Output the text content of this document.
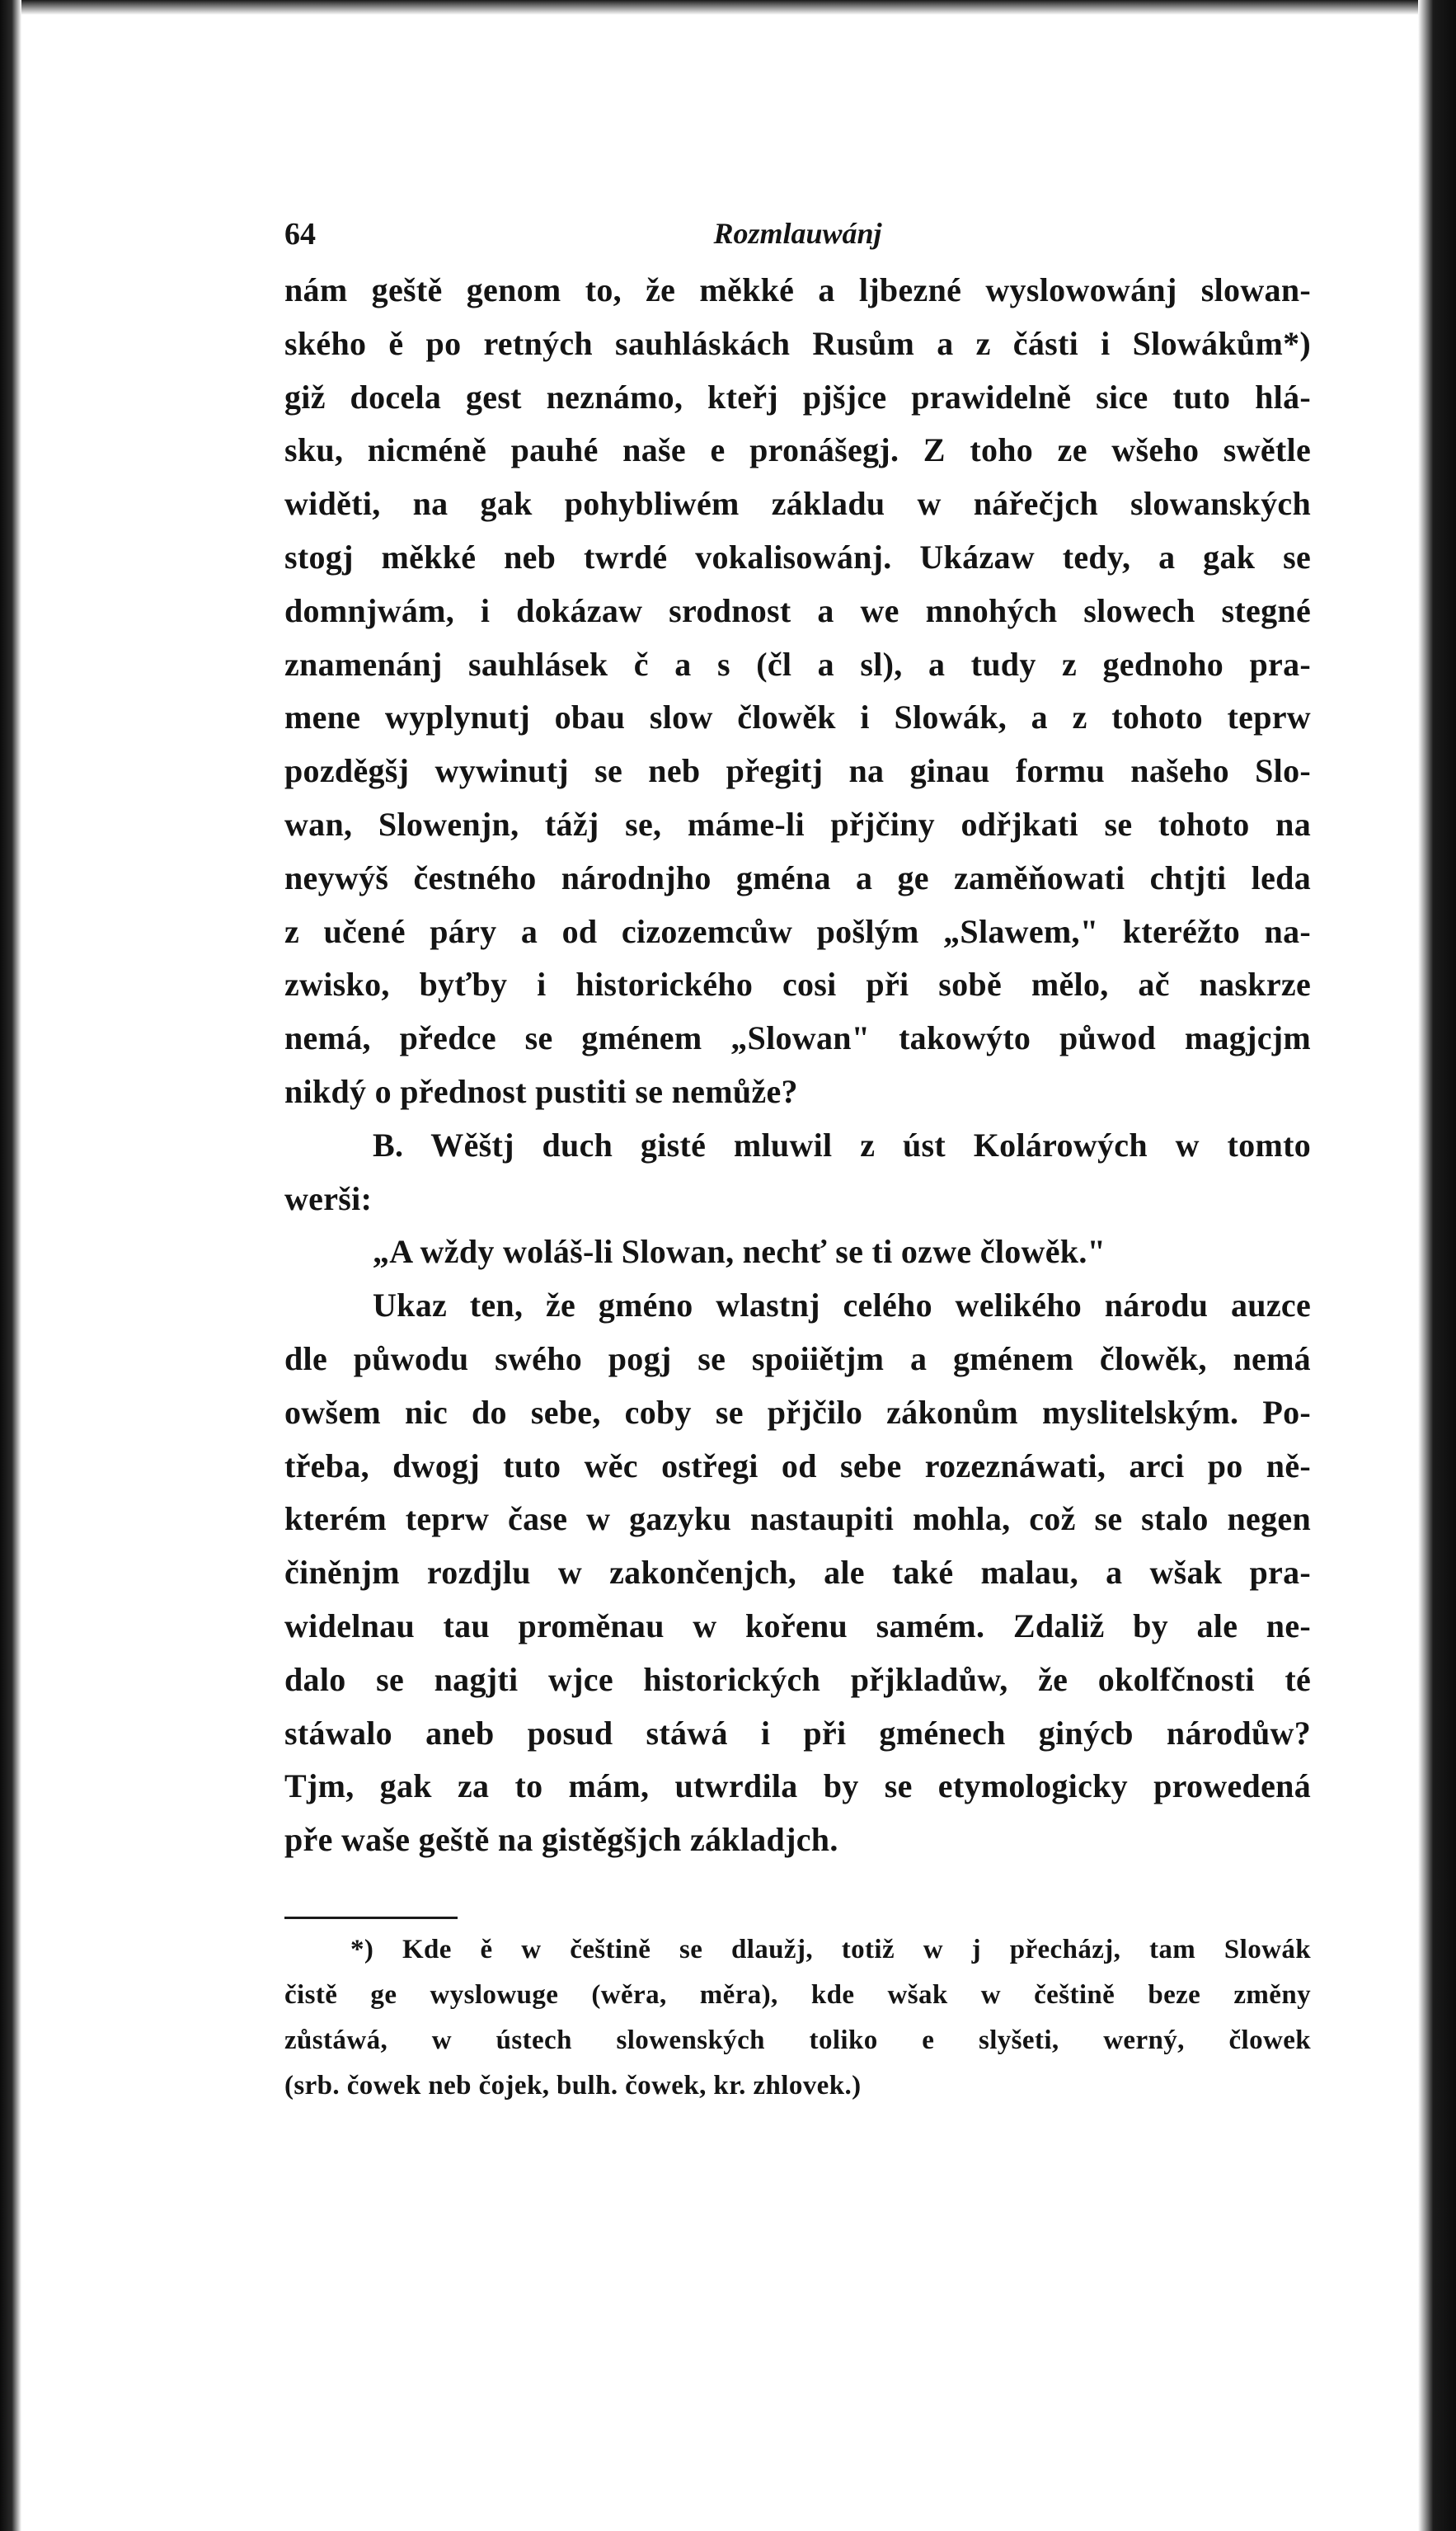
64	Rozmlauwánj
nám geště genom to, že měkké a ljbezné wyslowowánj slowan-
ského ě po retných sauhláskách Rusům a z části i Slowákům*)
giž docela gest neznámo, kteřj pjšjce prawidelně sice tuto hlá-
sku, nicméně pauhé naše e pronášegj. Z toho ze wšeho swětle
widěti, na gak pohybliwém základu w nářečjch slowanských
stogj měkké neb twrdé vokalisowánj. Ukázaw tedy, a gak se
domnjwám, i dokázaw srodnost a we mnohých slowech stegné
znamenánj sauhlásek č a s (čl a sl), a tudy z gednoho pra-
mene wyplynutj obau slow člowěk i Slowák, a z tohoto teprw
pozděgšj wywinutj se neb přegitj na ginau formu našeho Slo-
wan, Slowenjn, tážj se, máme-li přjčiny odřjkati se tohoto na
neywýš čestného národnjho gména a ge zaměňowati chtjti leda
z učené páry a od cizozemcůw pošlým „Slawem," kteréžto na-
zwisko, byťby i historického cosi při sobě mělo, ač naskrze
nemá, předce se gménem „Slowan" takowýto půwod magjcjm
nikdý o přednost pustiti se nemůže?
B. Wěštj duch gisté mluwil z úst Kolárowých w tomto
werši:
„A wždy woláš-li Slowan, nechť se ti ozwe člowěk."
Ukaz ten, že gméno wlastnj celého welikého národu auzce
dle půwodu swého pogj se spoiiětjm a gménem člowěk, nemá
owšem nic do sebe, coby se přjčilo zákonům myslitelským. Po-
třeba, dwogj tuto wěc ostřegi od sebe rozeznáwati, arci po ně-
kterém teprw čase w gazyku nastaupiti mohla, což se stalo negen
činěnjm rozdjlu w zakončenjch, ale také malau, a wšak pra-
widelnau tau proměnau w kořenu samém. Zdaliž by ale ne-
dalo se nagjti wjce historických přjkladůw, že okolfčnosti té
stáwalo aneb posud stáwá i při gménech ginýcb národůw?
Tjm, gak za to mám, utwrdila by se etymologicky prowedená
pře waše geště na gistěgšjch základjch.
*) Kde ě w češtině se dlaužj, totiž w j přecházj, tam Slowák
čistě ge wyslowuge (wěra, měra), kde wšak w češtině beze změny
zůstáwá, w ústech slowenských toliko e slyšeti, werný, člowek
(srb. čowek neb čojek, bulh. čowek, kr. zhlovek.)
